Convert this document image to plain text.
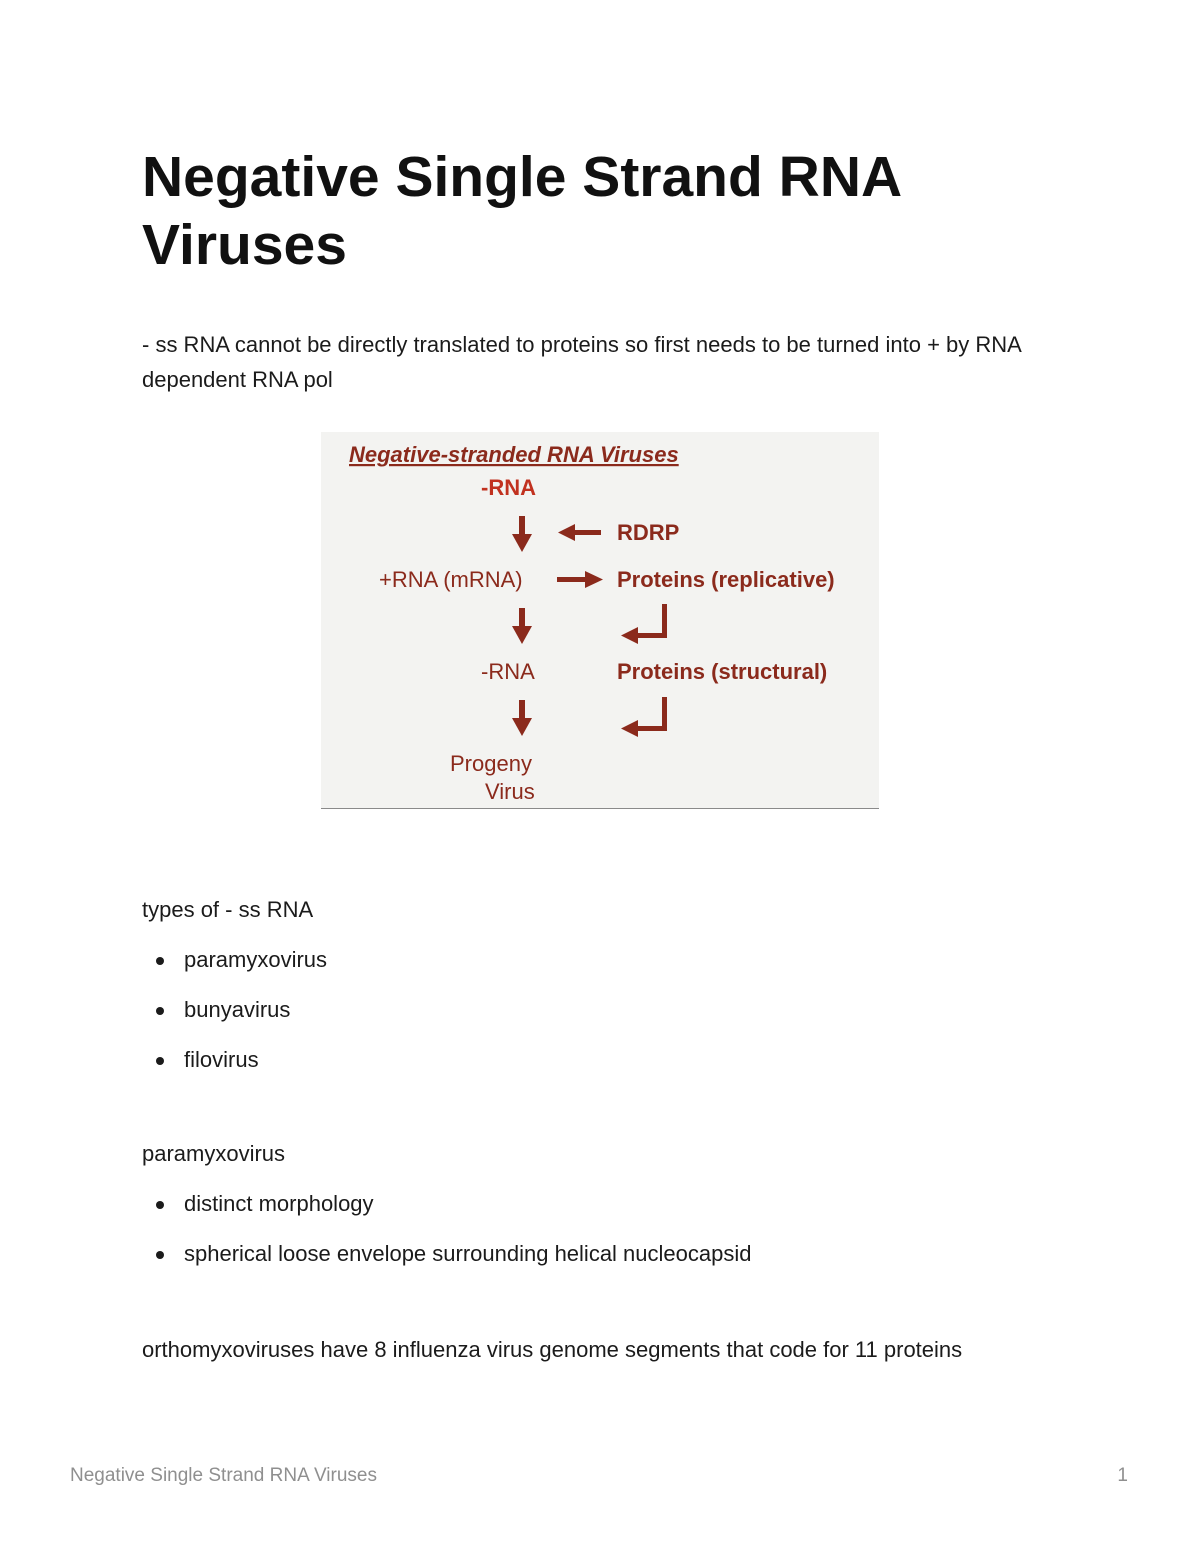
Negative Single Strand RNA Viruses

- ss RNA cannot be directly translated to proteins so first needs to be turned into + by RNA dependent RNA pol

Negative-stranded RNA Viruses
-RNA
RDRP
+RNA (mRNA)	Proteins (replicative)
-RNA	Proteins (structural)
Progeny
Virus

types of - ss RNA

paramyxovirus
bunyavirus
filovirus

paramyxovirus

distinct morphology
spherical loose envelope surrounding helical nucleocapsid

orthomyxoviruses have 8 influenza virus genome segments that code for 11 proteins

Negative Single Strand RNA Viruses	1
